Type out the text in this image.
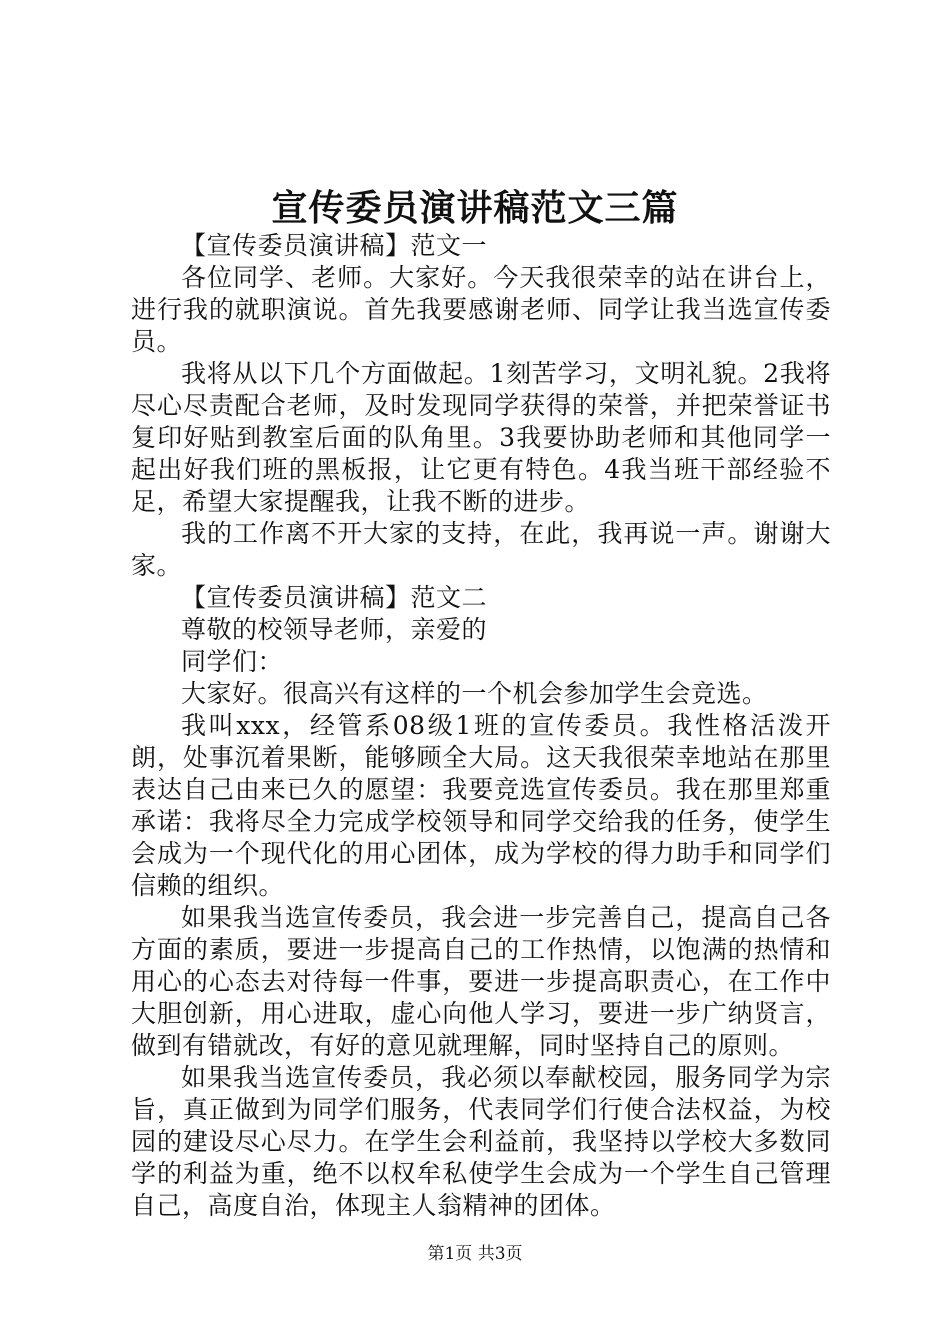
宣传委员演讲稿范文三篇

【宣传委员演讲稿】范文一

各位同学、老师。大家好。今天我很荣幸的站在讲台上，进行我的就职演说。首先我要感谢老师、同学让我当选宣传委员。

我将从以下几个方面做起。1刻苦学习，文明礼貌。2我将尽心尽责配合老师，及时发现同学获得的荣誉，并把荣誉证书复印好贴到教室后面的队角里。3我要协助老师和其他同学一起出好我们班的黑板报，让它更有特色。4我当班干部经验不足，希望大家提醒我，让我不断的进步。

我的工作离不开大家的支持，在此，我再说一声。谢谢大家。

【宣传委员演讲稿】范文二

尊敬的校领导老师，亲爱的

同学们：

大家好。很高兴有这样的一个机会参加学生会竞选。

我叫xxx，经管系08级1班的宣传委员。我性格活泼开朗，处事沉着果断，能够顾全大局。这天我很荣幸地站在那里表达自己由来已久的愿望：我要竞选宣传委员。我在那里郑重承诺：我将尽全力完成学校领导和同学交给我的任务，使学生会成为一个现代化的用心团体，成为学校的得力助手和同学们信赖的组织。

如果我当选宣传委员，我会进一步完善自己，提高自己各方面的素质，要进一步提高自己的工作热情，以饱满的热情和用心的心态去对待每一件事，要进一步提高职责心，在工作中大胆创新，用心进取，虚心向他人学习，要进一步广纳贤言，做到有错就改，有好的意见就理解，同时坚持自己的原则。

如果我当选宣传委员，我必须以奉献校园，服务同学为宗旨，真正做到为同学们服务，代表同学们行使合法权益，为校园的建设尽心尽力。在学生会利益前，我坚持以学校大多数同学的利益为重，绝不以权牟私使学生会成为一个学生自己管理自己，高度自治，体现主人翁精神的团体。

第1页 共3页
